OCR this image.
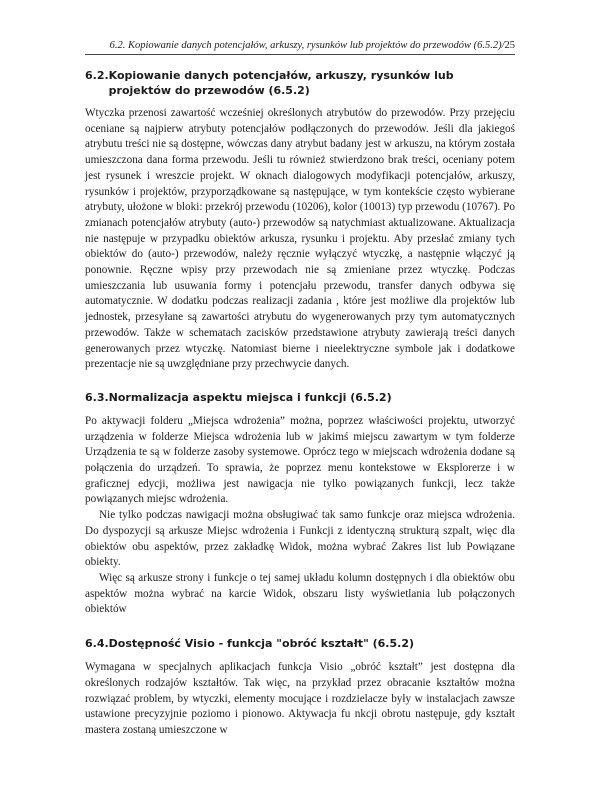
6.2. Kopiowanie danych potencjałów, arkuszy, rysunków lub projektów do przewodów (6.5.2)/25
6.2. Kopiowanie danych potencjałów, arkuszy, rysunków lub projektów do przewodów (6.5.2)

Wtyczka przenosi zawartość wcześniej określonych atrybutów do przewodów. Przy przejęciu oceniane są najpierw atrybuty potencjałów podłączonych do przewodów. Jeśli dla jakiegoś atrybutu treści nie są dostępne, wówczas dany atrybut badany jest w arkuszu, na którym została umieszczona dana forma przewodu. Jeśli tu również stwierdzono brak treści, oceniany potem jest rysunek i wreszcie projekt. W oknach dialogowych modyfikacji potencjałów, arkuszy, rysunków i projektów, przyporządkowane są następujące, w tym kontekście często wybierane atrybuty, ułożone w bloki: przekrój przewodu (10206), kolor (10013) typ przewodu (10767). Po zmianach potencjałów atrybuty (auto-) przewodów są natychmiast aktualizowane. Aktualizacja nie następuje w przypadku obiektów arkusza, rysunku i projektu. Aby przesłać zmiany tych obiektów do (auto-) przewodów, należy ręcznie wyłączyć wtyczkę, a następnie włączyć ją ponownie. Ręczne wpisy przy przewodach nie są zmieniane przez wtyczkę. Podczas umieszczania lub usuwania formy i potencjału przewodu, transfer danych odbywa się automatycznie. W dodatku podczas realizacji zadania , które jest możliwe dla projektów lub jednostek, przesyłane są zawartości atrybutu do wygenerowanych przy tym automatycznych przewodów. Także w schematach zacisków przedstawione atrybuty zawierają treści danych generowanych przez wtyczkę. Natomiast bierne i nieelektryczne symbole jak i dodatkowe prezentacje nie są uwzględniane przy przechwycie danych.

6.3. Normalizacja aspektu miejsca i funkcji (6.5.2)

Po aktywacji folderu „Miejsca wdrożenia” można, poprzez właściwości projektu, utworzyć urządzenia w folderze Miejsca wdrożenia lub w jakimś miejscu zawartym w tym folderze Urządzenia te są w folderze zasoby systemowe. Oprócz tego w miejscach wdrożenia dodane są połączenia do urządzeń. To sprawia, że poprzez menu kontekstowe w Eksplorerze i w graficznej edycji, możliwa jest nawigacja nie tylko powiązanych funkcji, lecz także powiązanych miejsc wdrożenia.

Nie tylko podczas nawigacji można obsługiwać tak samo funkcje oraz miejsca wdrożenia. Do dyspozycji są arkusze Miejsc wdrożenia i Funkcji z identyczną strukturą szpalt, więc dla obiektów obu aspektów, przez zakładkę Widok, można wybrać Zakres list lub Powiązane obiekty.

Więc są arkusze strony i funkcje o tej samej układu kolumn dostępnych i dla obiektów obu aspektów można wybrać na karcie Widok, obszaru listy wyświetlania lub połączonych obiektów

6.4. Dostępność Visio - funkcja "obróć kształt" (6.5.2)

Wymagana w specjalnych aplikacjach funkcja Visio „obróć kształt” jest dostępna dla określonych rodzajów kształtów. Tak więc, na przykład przez obracanie kształtów można rozwiązać problem, by wtyczki, elementy mocujące i rozdzielacze były w instalacjach zawsze ustawione precyzyjnie poziomo i pionowo. Aktywacja fu nkcji obrotu następuje, gdy kształt mastera zostaną umieszczone w
